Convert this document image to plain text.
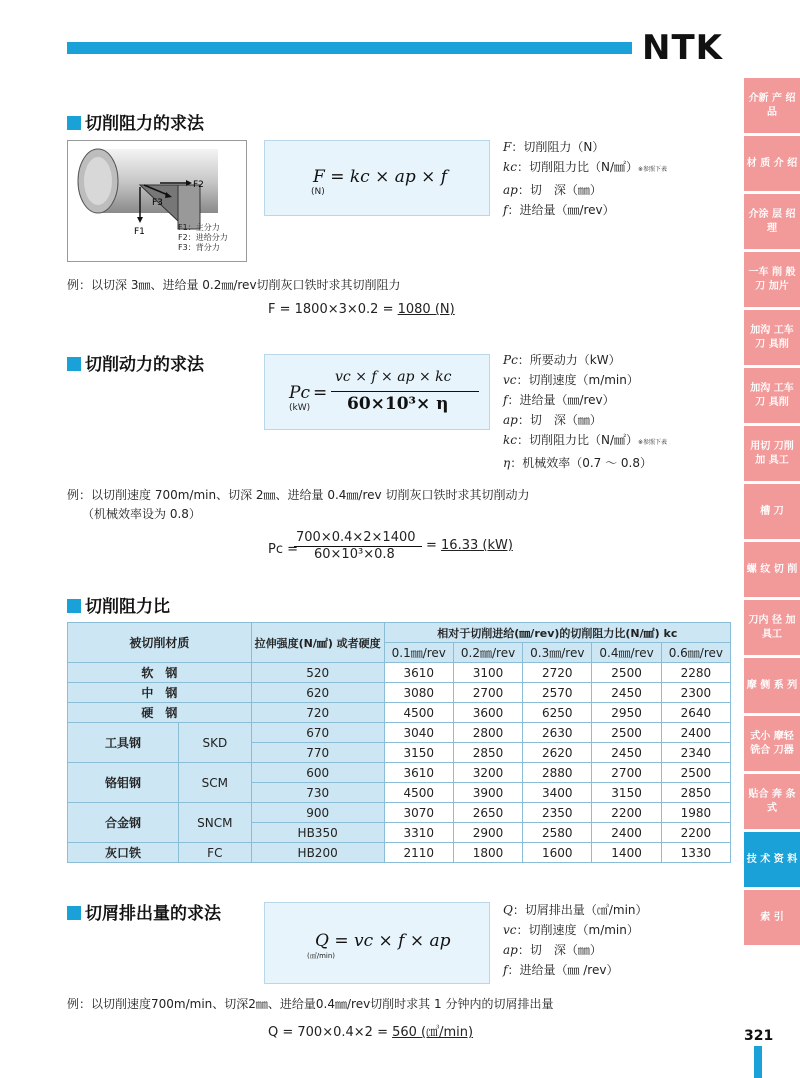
NTK
介新 产 绍品
材 质 介 绍
介涂 层 绍理
一车 削 般刀 加片
加沟 工车 刀 具削
加沟 工车 刀 具削
用切 刀削 加 具工
槽 刀
螺 纹 切 削
刀内 径 加 具工
摩 侧 系 列
式小 摩轻 铣合 刀器
贴合 奔 条式
技 术 资 料
索 引
切削阻力的求法
F2
F3
F1	F1：主分力
F2：进给分力
F3：背分力
F = kc × ap × f
(N)
F：切削阻力（N）
kc：切削阻力比（N/㎟）※参照下表
ap：切　深（㎜）
f：进给量（㎜/rev）
例：以切深 3㎜、进给量 0.2㎜/rev切削灰口铁时求其切削阻力
F = 1800×3×0.2 = 1080 (N)
切削动力的求法
Pc =
(kW)
vc × f × ap × kc
60×10³× η
Pc：所要动力（kW）
vc：切削速度（m/min）
f：进给量（㎜/rev）
ap：切　深（㎜）
kc：切削阻力比（N/㎟）※参照下表
η：机械效率（0.7 ～ 0.8）
例：以切削速度 700m/min、切深 2㎜、进给量 0.4㎜/rev 切削灰口铁时求其切削动力
（机械效率设为 0.8）
Pc =
700×0.4×2×1400
60×10³×0.8
= 16.33 (kW)
切削阻力比
被切削材质		拉伸强度(N/㎟) 或者硬度	相对于切削进给(㎜/rev)的切削阻力比(N/㎟) kc				
			0.1㎜/rev	0.2㎜/rev	0.3㎜/rev	0.4㎜/rev	0.6㎜/rev
软　钢		520	3610	3100	2720	2500	2280
中　钢		620	3080	2700	2570	2450	2300
硬　钢		720	4500	3600	6250	2950	2640
工具钢	SKD	670	3040	2800	2630	2500	2400
		770	3150	2850	2620	2450	2340
铬钼钢	SCM	600	3610	3200	2880	2700	2500
		730	4500	3900	3400	3150	2850
合金钢	SNCM	900	3070	2650	2350	2200	1980
		HB350	3310	2900	2580	2400	2200
灰口铁	FC	HB200	2110	1800	1600	1400	1330
切屑排出量的求法
Q = vc × f × ap
(㎤/min)
Q：切屑排出量（㎤/min）
vc：切削速度（m/min）
ap：切　深（㎜）
f：进给量（㎜ /rev）
例：以切削速度700m/min、切深2㎜、进给量0.4㎜/rev切削时求其 1 分钟内的切屑排出量
Q = 700×0.4×2 = 560 (㎤/min)	321
